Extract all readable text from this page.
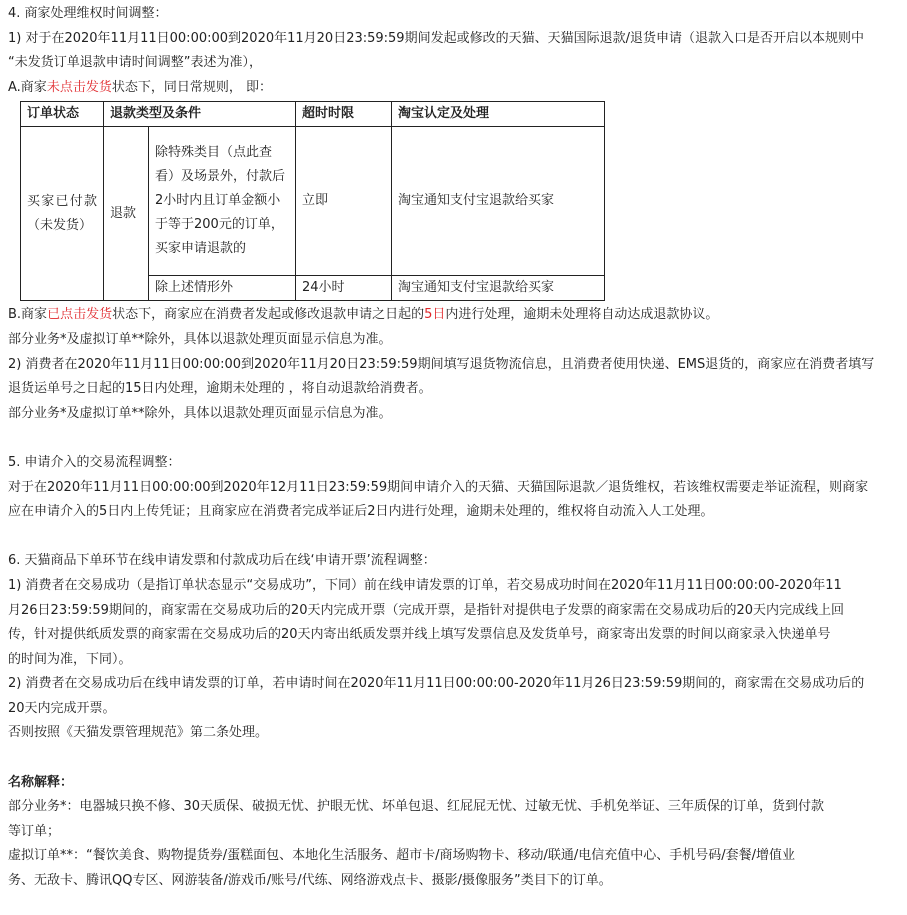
4. 商家处理维权时间调整：
1) 对于在2020年11月11日00:00:00到2020年11月20日23:59:59期间发起或修改的天猫、天猫国际退款/退货申请（退款入口是否开启以本规则中
“未发货订单退款申请时间调整”表述为准），
A.商家未点击发货状态下，同日常规则， 即：
订单状态	退款类型及条件		超时时限	淘宝认定及处理
买家已付款（未发货）	退款	除特殊类目（点此查看）及场景外，付款后2小时内且订单金额小于等于200元的订单，买家申请退款的	立即	淘宝通知支付宝退款给买家
		除上述情形外	24小时	淘宝通知支付宝退款给买家
B.商家已点击发货状态下，商家应在消费者发起或修改退款申请之日起的5日内进行处理，逾期未处理将自动达成退款协议。
部分业务*及虚拟订单**除外，具体以退款处理页面显示信息为准。
2) 消费者在2020年11月11日00:00:00到2020年11月20日23:59:59期间填写退货物流信息，且消费者使用快递、EMS退货的，商家应在消费者填写
退货运单号之日起的15日内处理，逾期未处理的 ，将自动退款给消费者。
部分业务*及虚拟订单**除外，具体以退款处理页面显示信息为准。
5. 申请介入的交易流程调整：
对于在2020年11月11日00:00:00到2020年12月11日23:59:59期间申请介入的天猫、天猫国际退款／退货维权，若该维权需要走举证流程，则商家
应在申请介入的5日内上传凭证；且商家应在消费者完成举证后2日内进行处理，逾期未处理的，维权将自动流入人工处理。
6. 天猫商品下单环节在线申请发票和付款成功后在线‘申请开票’流程调整：
1) 消费者在交易成功（是指订单状态显示“交易成功”，下同）前在线申请发票的订单，若交易成功时间在2020年11月11日00:00:00-2020年11
月26日23:59:59期间的，商家需在交易成功后的20天内完成开票（完成开票，是指针对提供电子发票的商家需在交易成功后的20天内完成线上回
传，针对提供纸质发票的商家需在交易成功后的20天内寄出纸质发票并线上填写发票信息及发货单号，商家寄出发票的时间以商家录入快递单号
的时间为准，下同）。
2) 消费者在交易成功后在线申请发票的订单，若申请时间在2020年11月11日00:00:00-2020年11月26日23:59:59期间的，商家需在交易成功后的
20天内完成开票。
否则按照《天猫发票管理规范》第二条处理。
名称解释：
部分业务*：电器城只换不修、30天质保、破损无忧、护眼无忧、坏单包退、红屁屁无忧、过敏无忧、手机免举证、三年质保的订单，货到付款
等订单；
虚拟订单**：“餐饮美食、购物提货券/蛋糕面包、本地化生活服务、超市卡/商场购物卡、移动/联通/电信充值中心、手机号码/套餐/增值业
务、无敌卡、腾讯QQ专区、网游装备/游戏币/账号/代练、网络游戏点卡、摄影/摄像服务”类目下的订单。
